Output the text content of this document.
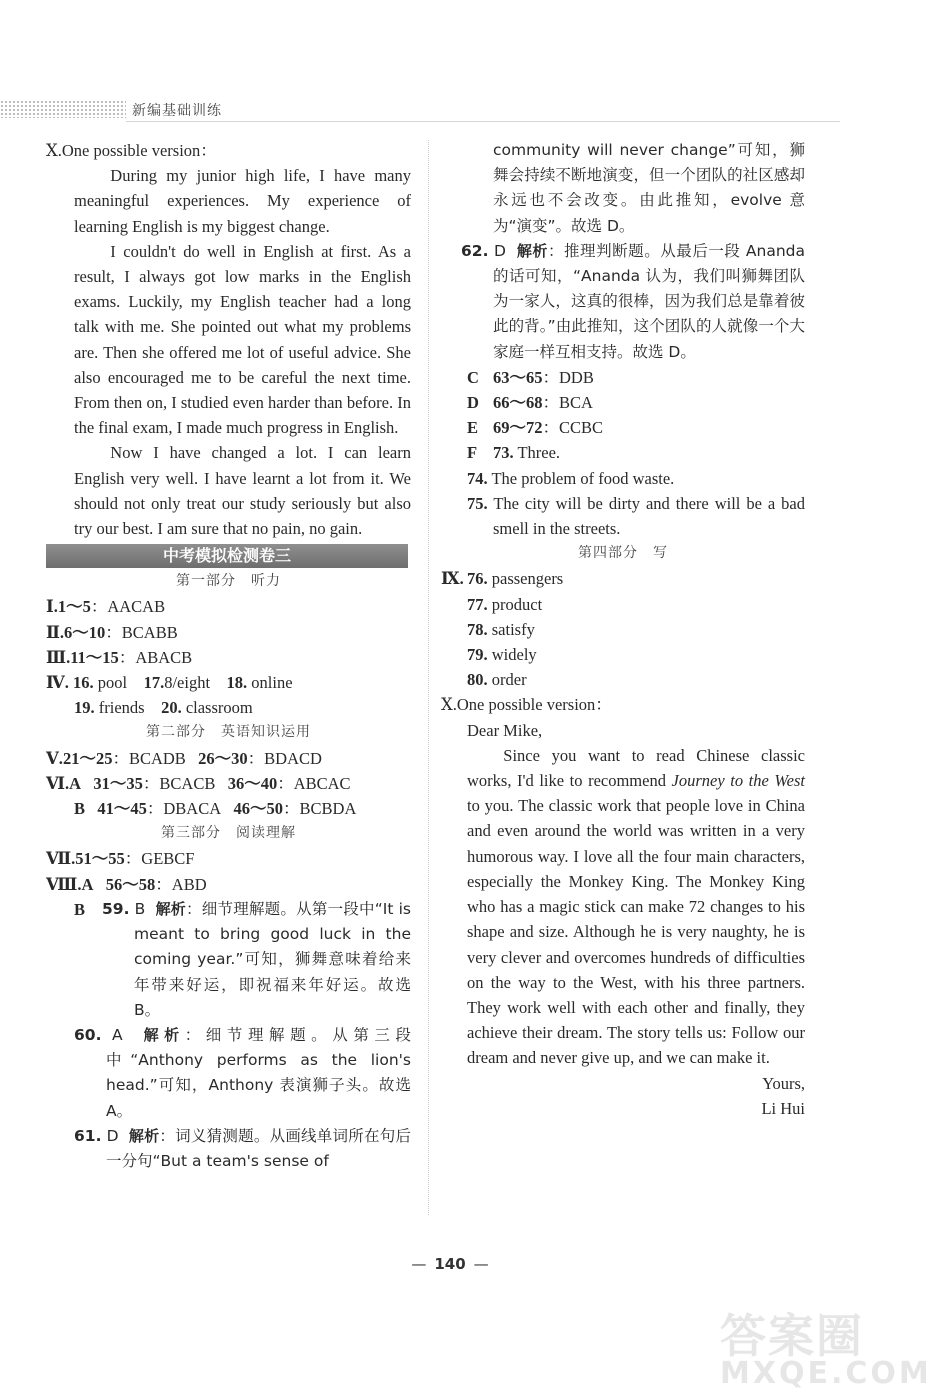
新编基础训练

Ⅹ.One possible version：

During my junior high life, I have many meaningful experiences. My experience of learning English is my biggest change.

I couldn't do well in English at first. As a result, I always got low marks in the English exams. Luckily, my English teacher had a long talk with me. She pointed out what my problems are. Then she offered me lot of useful advice. She also encouraged me to be careful the next time. From then on, I studied even harder than before. In the final exam, I made much progress in English.

Now I have changed a lot. I can learn English very well. I have learnt a lot from it. We should not only treat our study seriously but also try our best. I am sure that no pain, no gain.

中考模拟检测卷三
第一部分　听力

Ⅰ.1～5：AACAB

Ⅱ.6～10：BCABB

Ⅲ.11～15：ABACB

Ⅳ. 16. pool 17.8/eight 18. online

19. friends 20. classroom

第二部分　英语知识运用

Ⅴ.21～25：BCADB 26～30：BDACD

Ⅵ.A 31～35：BCACB 36～40：ABCAC

B 41～45：DBACA 46～50：BCBDA

第三部分　阅读理解

Ⅶ.51～55：GEBCF

Ⅷ.A 56～58：ABD

B	59. B 解析：细节理解题。从第一段中“It is meant to bring good luck in the coming year.”可知，狮舞意味着给来年带来好运，即祝福来年好运。故选 B。

60. A 解析：细节理解题。从第三段中“Anthony performs as the lion's head.”可知，Anthony 表演狮子头。故选 A。

61. D 解析：词义猜测题。从画线单词所在句后一分句“But a team's sense of

community will never change”可知，狮舞会持续不断地演变，但一个团队的社区感却永远也不会改变。由此推知，evolve 意为“演变”。故选 D。

62. D 解析：推理判断题。从最后一段 Ananda 的话可知，“Ananda 认为，我们叫狮舞团队为一家人，这真的很棒，因为我们总是靠着彼此的背。”由此推知，这个团队的人就像一个大家庭一样互相支持。故选 D。

C 63～65：DDB

D 66～68：BCA

E 69～72：CCBC

F 73. Three.

74. The problem of food waste.

75. The city will be dirty and there will be a bad smell in the streets.

第四部分　写

Ⅸ. 76. passengers

77. product

78. satisfy

79. widely

80. order

Ⅹ.One possible version：

Dear Mike,

Since you want to read Chinese classic works, I'd like to recommend Journey to the West to you. The classic work that people love in China and even around the world was written in a very humorous way. I love all the four main characters, especially the Monkey King. The Monkey King who has a magic stick can make 72 changes to his shape and size. Although he is very naughty, he is very clever and overcomes hundreds of difficulties on the way to the West, with his three partners. They work well with each other and finally, they achieve their dream. The story tells us: Follow our dream and never give up, and we can make it.

Yours,

Li Hui

— 140 —
答案圈
MXQE.COM
